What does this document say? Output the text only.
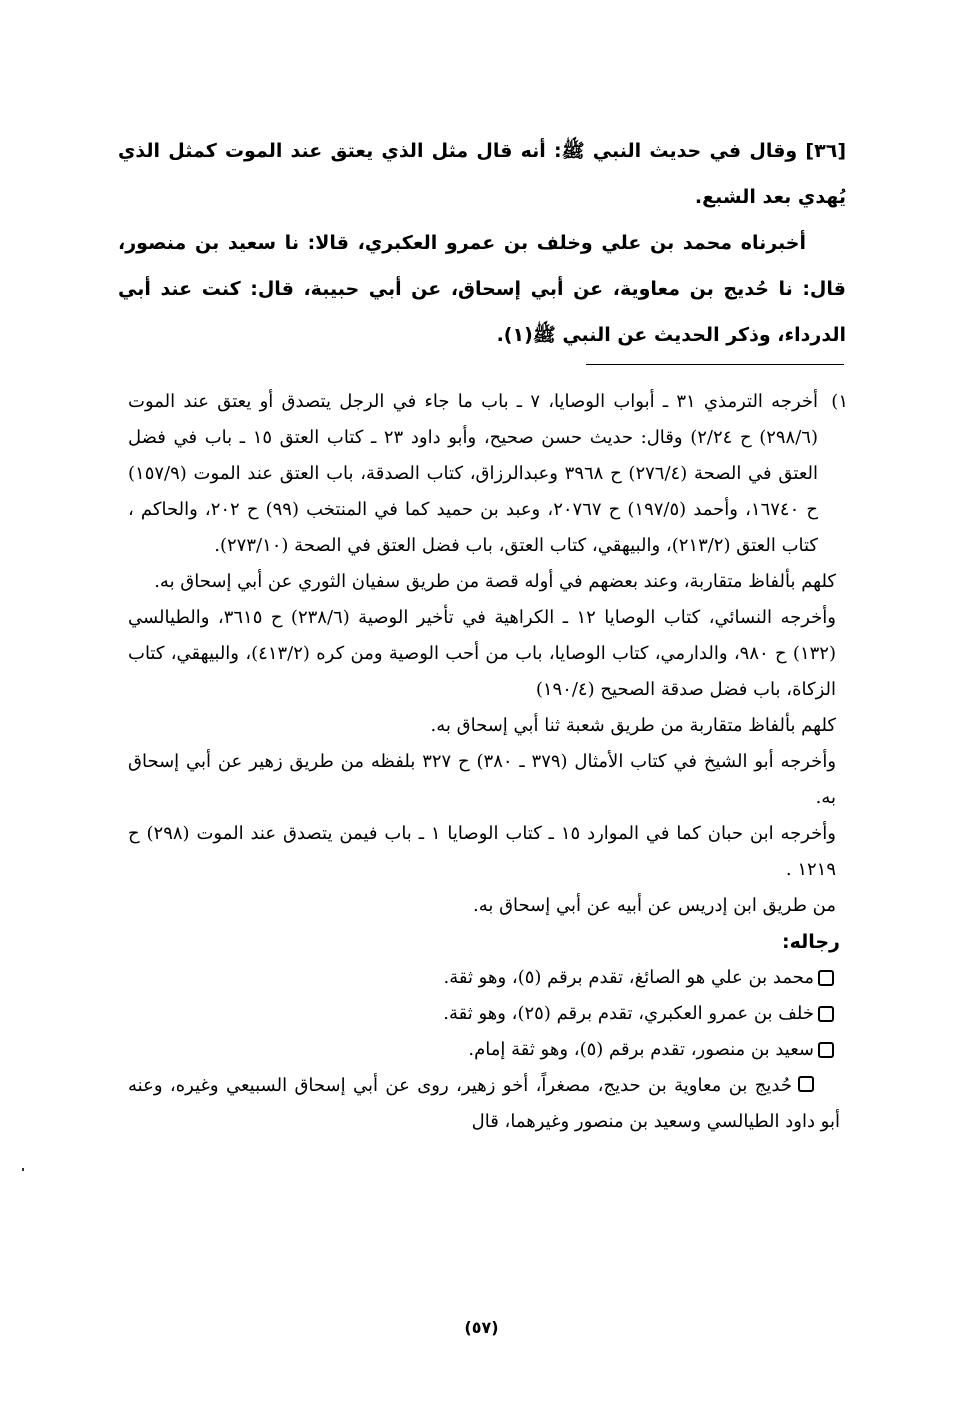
[٣٦] وقال في حديث النبي ﷺ: أنه قال مثل الذي يعتق عند الموت كمثل الذي يُهدي بعد الشبع.

أخبرناه محمد بن علي وخلف بن عمرو العكبري، قالا: نا سعيد بن منصور، قال: نا حُديج بن معاوية، عن أبي إسحاق، عن أبي حبيبة، قال: كنت عند أبي الدرداء، وذكر الحديث عن النبي ﷺ(١).

١)
أخرجه الترمذي ٣١ ـ أبواب الوصايا، ٧ ـ باب ما جاء في الرجل يتصدق أو يعتق عند الموت (٢٩٨/٦) ح ٢/٢٤) وقال: حديث حسن صحيح، وأبو داود ٢٣ ـ كتاب العتق ١٥ ـ باب في فضل العتق في الصحة (٢٧٦/٤) ح ٣٩٦٨ وعبدالرزاق، كتاب الصدقة، باب العتق عند الموت (١٥٧/٩) ح ١٦٧٤٠، وأحمد (١٩٧/٥) ح ٢٠٧٦٧، وعبد بن حميد كما في المنتخب (٩٩) ح ٢٠٢، والحاكم ، كتاب العتق (٢١٣/٢)، والبيهقي، كتاب العتق، باب فضل العتق في الصحة (٢٧٣/١٠).

كلهم بألفاظ متقاربة، وعند بعضهم في أوله قصة من طريق سفيان الثوري عن أبي إسحاق به.

وأخرجه النسائي، كتاب الوصايا ١٢ ـ الكراهية في تأخير الوصية (٢٣٨/٦) ح ٣٦١٥، والطيالسي (١٣٢) ح ٩٨٠، والدارمي، كتاب الوصايا، باب من أحب الوصية ومن كره (٤١٣/٢)، والبيهقي، كتاب الزكاة، باب فضل صدقة الصحيح (١٩٠/٤)

كلهم بألفاظ متقاربة من طريق شعبة ثنا أبي إسحاق به.

وأخرجه أبو الشيخ في كتاب الأمثال (٣٧٩ ـ ٣٨٠) ح ٣٢٧ بلفظه من طريق زهير عن أبي إسحاق به.

وأخرجه ابن حبان كما في الموارد ١٥ ـ كتاب الوصايا ١ ـ باب فيمن يتصدق عند الموت (٢٩٨) ح ١٢١٩ .

من طريق ابن إدريس عن أبيه عن أبي إسحاق به.

رجاله:

محمد بن علي هو الصائغ، تقدم برقم (٥)، وهو ثقة.

خلف بن عمرو العكبري، تقدم برقم (٢٥)، وهو ثقة.

سعيد بن منصور، تقدم برقم (٥)، وهو ثقة إمام.

حُديج بن معاوية بن حديج، مصغراً، أخو زهير، روى عن أبي إسحاق السبيعي وغيره، وعنه أبو داود الطيالسي وسعيد بن منصور وغيرهما، قال

(٥٧)
